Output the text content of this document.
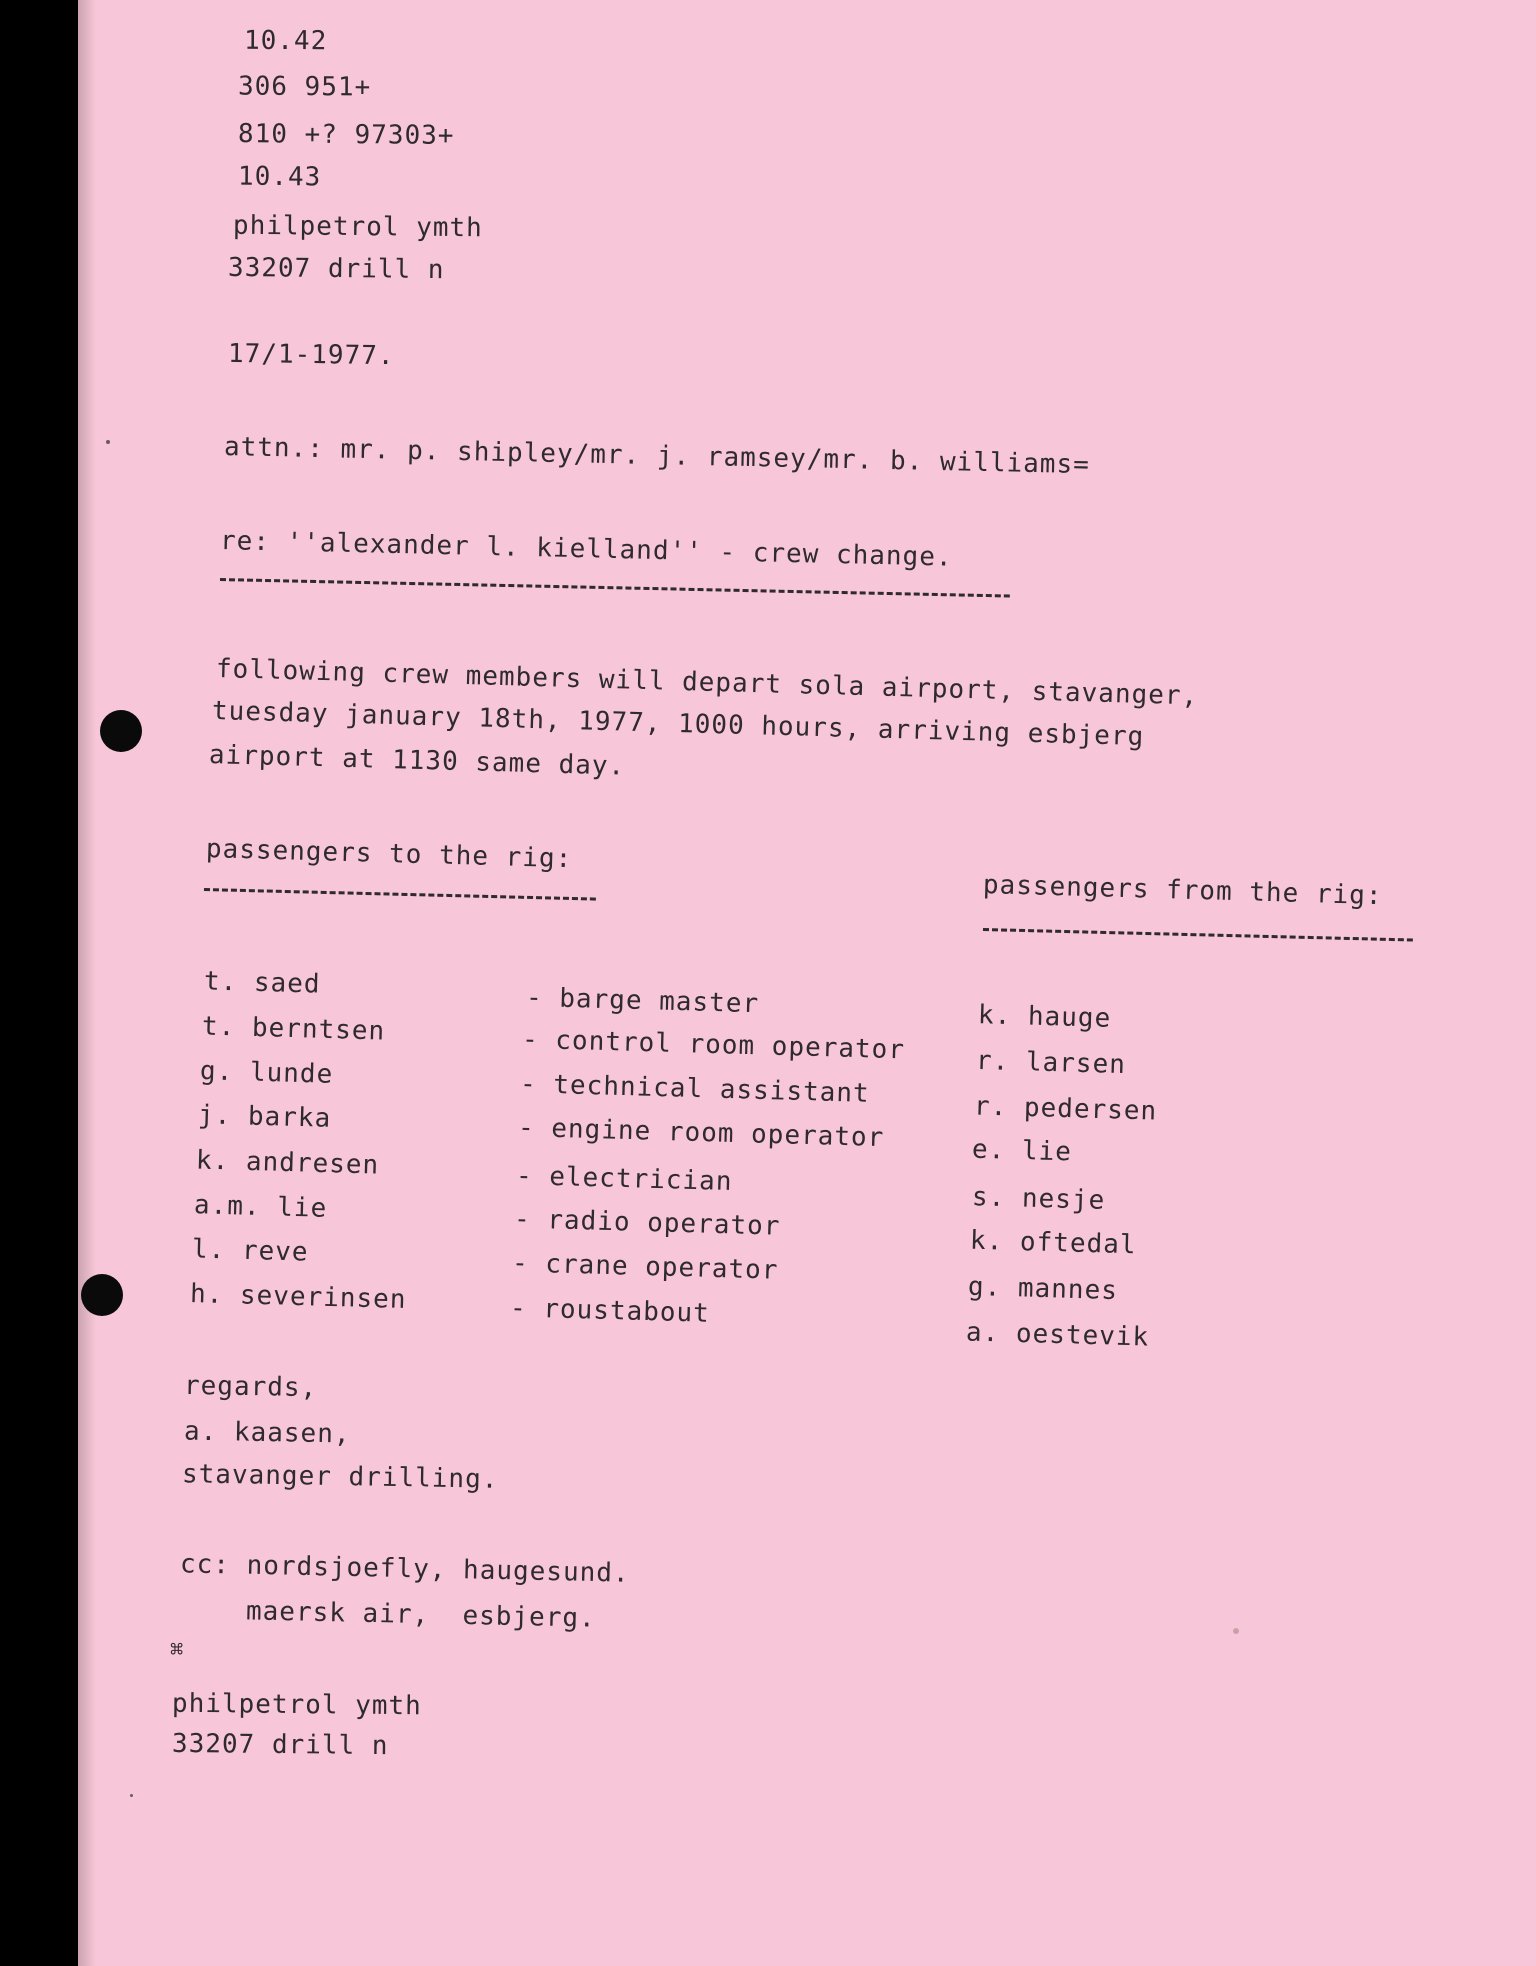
10.42
306 951+
810 +? 97303+
10.43
philpetrol ymth
33207 drill n
17/1-1977.
attn.: mr. p. shipley/mr. j. ramsey/mr. b. williams=
re: ''alexander l. kielland'' - crew change.
following crew members will depart sola airport, stavanger,
tuesday january 18th, 1977, 1000 hours, arriving esbjerg
airport at 1130 same day.
passengers to the rig:
passengers from the rig:
t. saed
t. berntsen
g. lunde
j. barka
k. andresen
a.m. lie
l. reve
h. severinsen
- barge master
- control room operator
- technical assistant
- engine room operator
- electrician
- radio operator
- crane operator
- roustabout
k. hauge
r. larsen
r. pedersen
e. lie
s. nesje
k. oftedal
g. mannes
a. oestevik
regards,
a. kaasen,
stavanger drilling.
cc: nordsjoefly, haugesund.
maersk air,  esbjerg.
⌘
philpetrol ymth
33207 drill n
